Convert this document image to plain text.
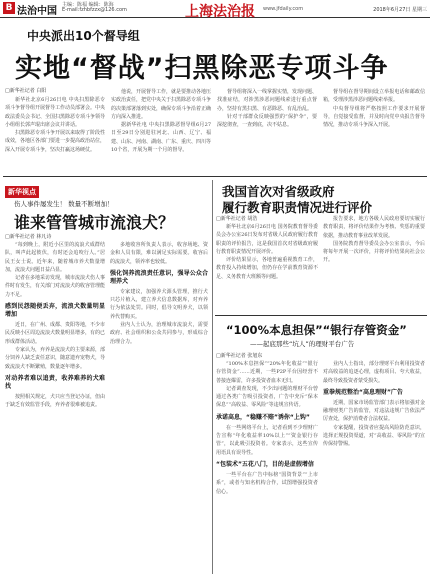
B 法治中国
主编：陈福 编辑：陈海
E-mail:fzhbfzzx@126.com	上海法治报 www.jfdaily.com	2018年6月27日 星期三
中央派出10个督导组
实地“督战”扫黑除恶专项斗争
□新华社记者 白阳

新华社北京6月26日电 中央扫黑除恶专项斗争督导组开展督导工作动员部署会。中央政法委员会书记、全国扫黑除恶专项斗争领导小组组长郭声琨出席会议并讲话。

扫黑除恶专项斗争开展以来取得了阶段性成效，各地区各部门要进一步提高政治站位，深入开展专项斗争，坚决打赢这场硬仗。

他说，开展督导工作，就是要推动各地压实政治责任，把党中央关于扫黑除恶专项斗争的决策部署落到实处，确保专项斗争沿着正确方向深入推进。

据新华社电 中央扫黑除恶督导组6月27日至29日分别进驻河北、山西、辽宁、福建、山东、河南、湖南、广东、重庆、四川等10个省，开展为期一个月的督导。

督导组将深入一线掌握实情，发现问题、找准症结，对涉黑涉恶问题线索进行重点督办，坚持有黑扫黑、有恶除恶、有乱治乱。

针对干部群众反映强烈的“保护伞”，要深挖彻查，一查到底，决不姑息。

督导组在督导期间设立举报电话和邮政信箱，受理涉黑涉恶问题线索举报。

中央督导组将严格按照工作要求开展督导，自觉接受监督，并及时向党中央报告督导情况，推动专项斗争深入开展。

新华视点
伤人事件屡发生！ 数量不断增加！
谁来管管城市流浪犬？
□新华社记者 林凡诗

“每到晚上，附近小区里的流浪犬成群结队，叫声此起彼伏，有时还会追咬行人。”居民王女士说。近年来，随着城市养犬数量增加，流浪犬问题日益凸显。

记者在多地采访发现，城市流浪犬伤人事件时有发生，有关部门对流浪犬的收容管理能力不足。

感到民怨随便丢弃，流浪犬数量明显增加

近日，在广州、成都、贵阳等地，不少市民反映小区周边流浪犬数量明显增多，有的已形成群体活动。

专家认为，弃养是流浪犬的主要来源，部分饲养人缺乏责任意识，随意遗弃宠物犬，导致流浪犬不断繁殖，数量逐年增多。

对动养者难以追责，收养难养的犬难找

按照相关规定，犬只应当登记办证，但由于缺乏有效监管手段，弃养者很难被追责。

多地收容所负责人表示，收容场地、资金和人员有限，难以满足实际需要。收容后的流浪犬，领养率也较低。

强化饲养流浪责任意识，强导公众合理养犬

专家建议，加强养犬源头管理，推行犬只芯片植入，建立养犬信息数据库，对弃养行为依法处罚。同时，倡导文明养犬，以领养代替购买。

业内人士认为，治理城市流浪犬，需要政府、社会组织和公众共同参与，形成综合治理合力。

我国首次对省级政府
履行教育职责情况进行评价
□新华社记者 胡浩

新华社北京6月26日电 国务院教育督导委员会办公室26日发布对省级人民政府履行教育职责的评价报告，这是我国首次对省级政府履行教育职责情况开展评价。

评价结果显示，各地普遍重视教育工作，教育投入持续增加，但仍存在学前教育资源不足、义务教育大班额等问题。

报告要求，地方各级人民政府要切实履行教育职责，将评价结果作为考核、奖惩的重要依据，推动教育事业改革发展。

国务院教育督导委员会办公室表示，今后将每年开展一次评价，并将评价结果向社会公开。

“100%本息担保”“银行存管资金”
——起底那些“坑人”的理财平台广告
□新华社记者 张旭东

“100%本息担保”“20%年化收益”“银行存管资金”……近期，一些P2P平台因经营不善接连爆雷，许多投资者血本无归。

记者调查发现，不少出问题的理财平台曾通过各类广告吸引投资者，广告中充斥“保本保息”“高收益、零风险”等违规宣传语。

承诺高息，“稳赚不赔”诱你“上钩”

在一些网络平台上，记者看到不少理财广告宣称“年化收益率10%以上”“资金银行存管”，以此吸引投资者。专家表示，这些宣传用语具有误导性。

“包装术”五花八门，目的是虚假增信

一些平台在广告中标榜“国资背景”“上市系”，或者与知名机构合作，试图增强投资者信心。

业内人士指出，部分理财平台利用投资者对高收益的追逐心理，虚构项目、夸大收益，最终导致投资者蒙受损失。

重拳规范整治“高息理财”广告

近期，国家市场监管部门表示将加强对金融理财类广告的监管，对违法违规广告依法严厉查处，保护消费者合法权益。

专家提醒，投资者应提高风险防范意识，选择正规投资渠道，对“高收益、零风险”的宣传保持警惕。
